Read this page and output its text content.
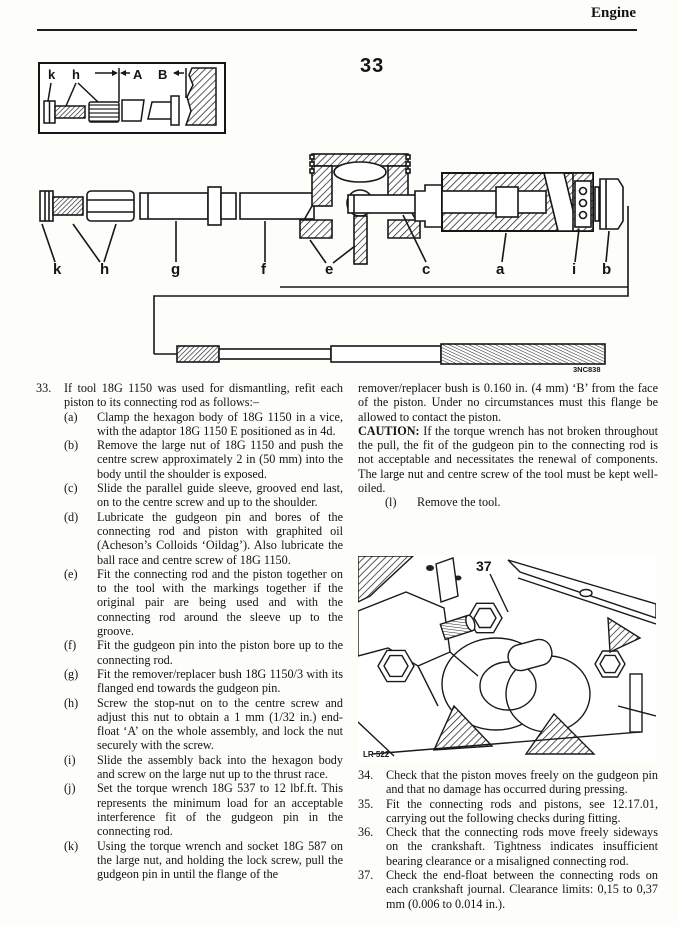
Engine
k h	A B	33
k	h	g	f	e	c	a	i b
3NC838
33.	If tool 18G 1150 was used for dismantling, refit each piston to its connecting rod as follows:–

(a)	Clamp the hexagon body of 18G 1150 in a vice, with the adaptor 18G 1150 E positioned as in 4d.

(b)	Remove the large nut of 18G 1150 and push the centre screw approximately 2 in (50 mm) into the body until the shoulder is exposed.

(c)	Slide the parallel guide sleeve, grooved end last, on to the centre screw and up to the shoulder.

(d)	Lubricate the gudgeon pin and bores of the connecting rod and piston with graphited oil (Acheson’s Colloids ‘Oildag’). Also lubricate the ball race and centre screw of 18G 1150.

(e)	Fit the connecting rod and the piston together on to the tool with the markings together if the original pair are being used and with the connecting rod around the sleeve up to the groove.

(f)	Fit the gudgeon pin into the piston bore up to the connecting rod.

(g)	Fit the remover/replacer bush 18G 1150/3 with its flanged end towards the gudgeon pin.

(h)	Screw the stop-nut on to the centre screw and adjust this nut to obtain a 1 mm (1/32 in.) end-float ‘A’ on the whole assembly, and lock the nut securely with the screw.

(i)	Slide the assembly back into the hexagon body and screw on the large nut up to the thrust race.

(j)	Set the torque wrench 18G 537 to 12 lbf.ft. This represents the minimum load for an acceptable interference fit of the gudgeon pin in the connecting rod.

(k)	Using the torque wrench and socket 18G 587 on the large nut, and holding the lock screw, pull the gudgeon pin in until the flange of the

remover/replacer bush is 0.160 in. (4 mm) ‘B’ from the face of the piston. Under no circumstances must this flange be allowed to contact the piston.

CAUTION: If the torque wrench has not broken throughout the pull, the fit of the gudgeon pin to the connecting rod is not acceptable and necessitates the renewal of components. The large nut and centre screw of the tool must be kept well-oiled.

(l)	Remove the tool.

37
LR 522
34.	Check that the piston moves freely on the gudgeon pin and that no damage has occurred during pressing.

35.	Fit the connecting rods and pistons, see 12.17.01, carrying out the following checks during fitting.

36.	Check that the connecting rods move freely sideways on the crankshaft. Tightness indicates insufficient bearing clearance or a misaligned connecting rod.

37.	Check the end-float between the connecting rods on each crankshaft journal. Clearance limits: 0,15 to 0,37 mm (0.006 to 0.014 in.).
